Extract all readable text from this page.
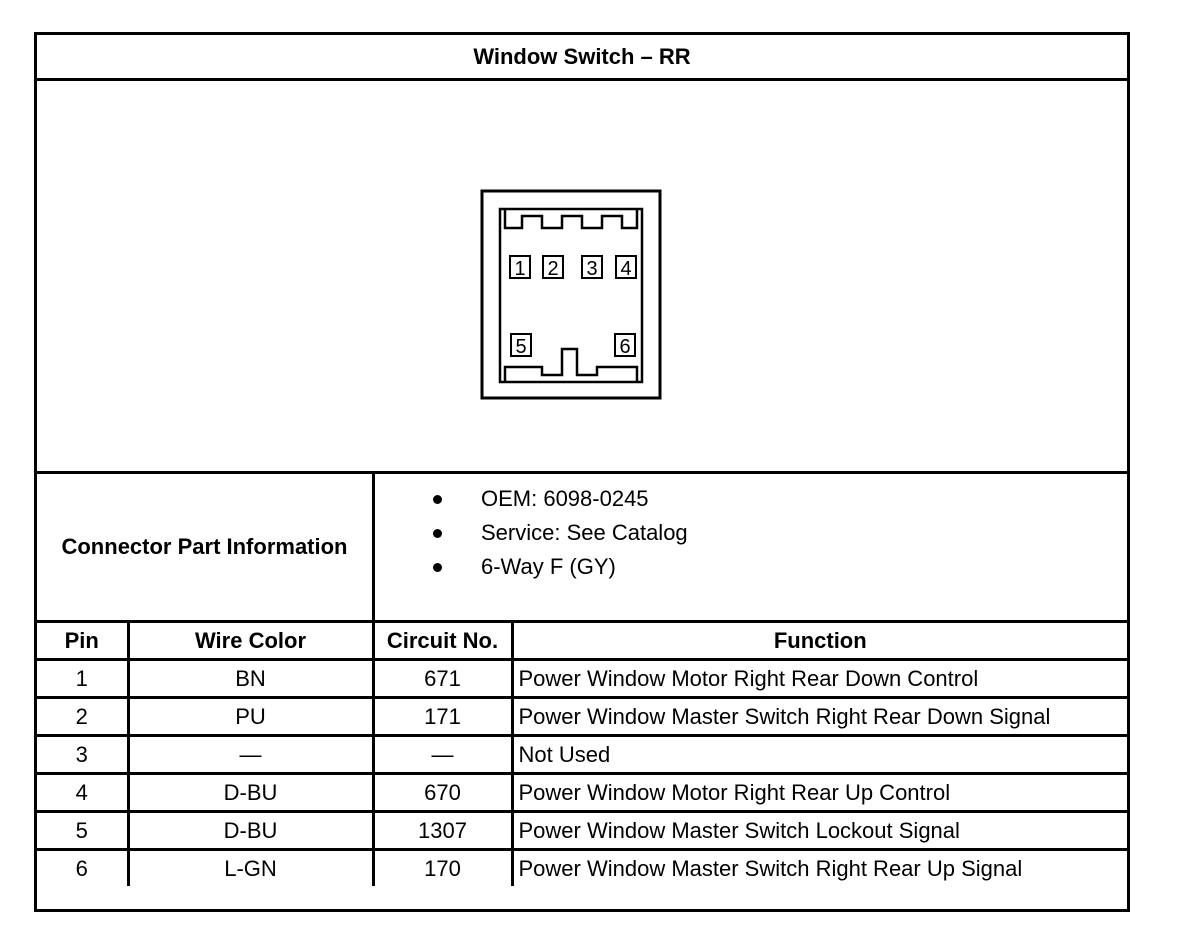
Window Switch – RR
1 2 3 4
5	6
Connector Part Information
OEM: 6098-0245
Service: See Catalog
6-Way F (GY)
Pin	Wire Color	Circuit No.	Function
1	BN	671	Power Window Motor Right Rear Down Control
2	PU	171	Power Window Master Switch Right Rear Down Signal
3	—	—	Not Used
4	D-BU	670	Power Window Motor Right Rear Up Control
5	D-BU	1307	Power Window Master Switch Lockout Signal
6	L-GN	170	Power Window Master Switch Right Rear Up Signal
